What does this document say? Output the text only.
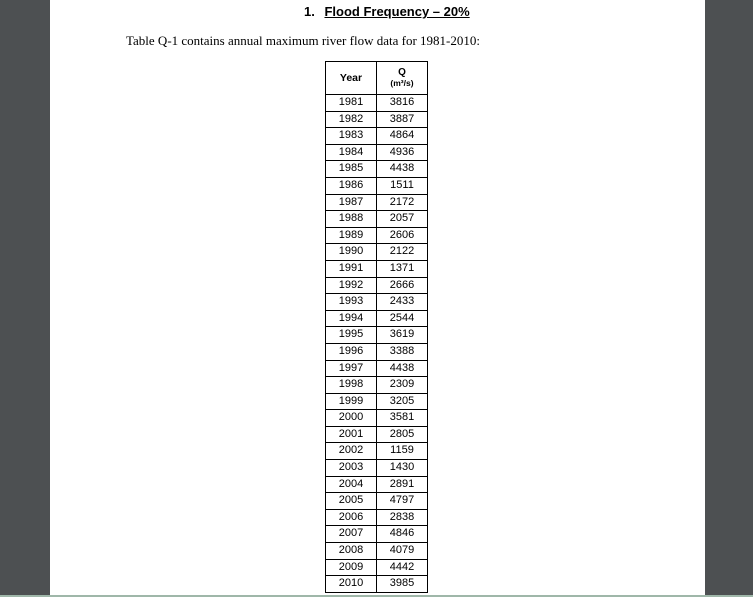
1. Flood Frequency – 20%
Table Q-1 contains annual maximum river flow data for 1981-2010:
Year	Q
(m³/s)
1981	3816
1982	3887
1983	4864
1984	4936
1985	4438
1986	1511
1987	2172
1988	2057
1989	2606
1990	2122
1991	1371
1992	2666
1993	2433
1994	2544
1995	3619
1996	3388
1997	4438
1998	2309
1999	3205
2000	3581
2001	2805
2002	1159
2003	1430
2004	2891
2005	4797
2006	2838
2007	4846
2008	4079
2009	4442
2010	3985
